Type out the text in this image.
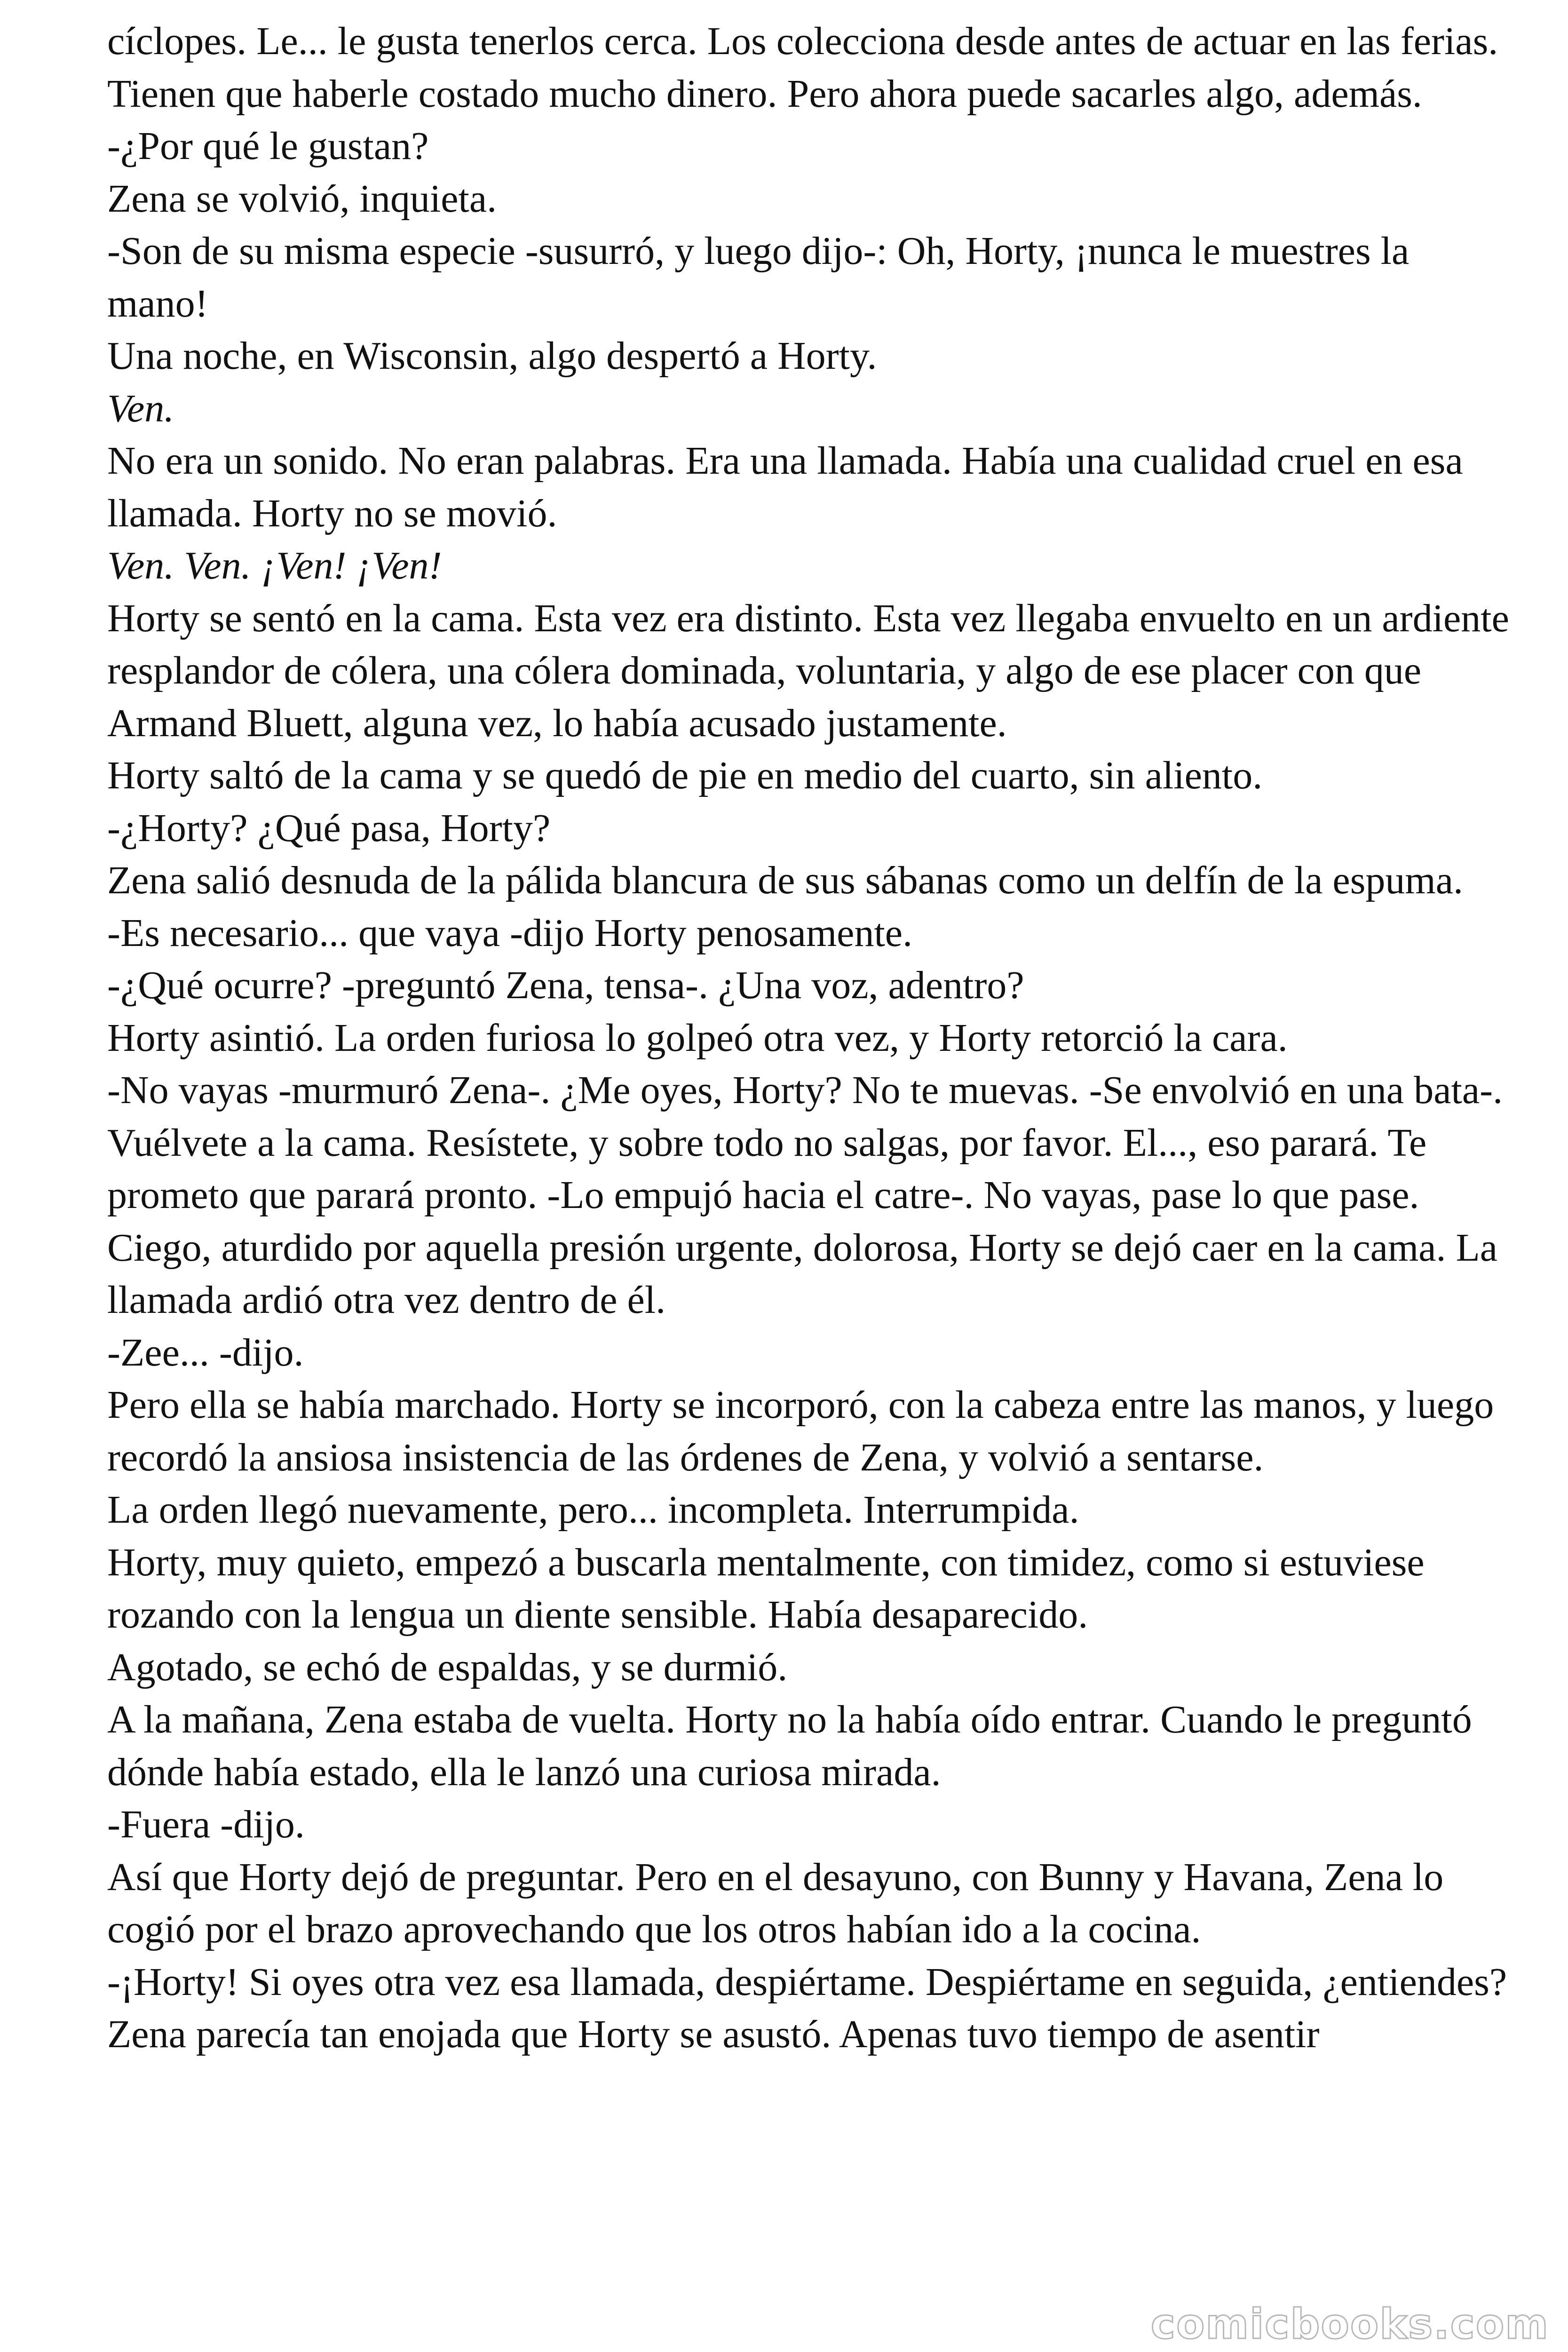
cíclopes. Le... le gusta tenerlos cerca. Los colecciona desde antes de actuar en las ferias. Tienen que haberle costado mucho dinero. Pero ahora puede sacarles algo, además.

-¿Por qué le gustan?

Zena se volvió, inquieta.

-Son de su misma especie -susurró, y luego dijo-: Oh, Horty, ¡nunca le muestres la mano!

Una noche, en Wisconsin, algo despertó a Horty.

Ven.

No era un sonido. No eran palabras. Era una llamada. Había una cualidad cruel en esa llamada. Horty no se movió.

Ven. Ven. ¡Ven! ¡Ven!

Horty se sentó en la cama. Esta vez era distinto. Esta vez llegaba envuelto en un ardiente resplandor de cólera, una cólera dominada, voluntaria, y algo de ese placer con que Armand Bluett, alguna vez, lo había acusado justamente.

Horty saltó de la cama y se quedó de pie en medio del cuarto, sin aliento.

-¿Horty? ¿Qué pasa, Horty?

Zena salió desnuda de la pálida blancura de sus sábanas como un delfín de la espuma.

-Es necesario... que vaya -dijo Horty penosamente.

-¿Qué ocurre? -preguntó Zena, tensa-. ¿Una voz, adentro?

Horty asintió. La orden furiosa lo golpeó otra vez, y Horty retorció la cara.

-No vayas -murmuró Zena-. ¿Me oyes, Horty? No te muevas. -Se envolvió en una bata-. Vuélvete a la cama. Resístete, y sobre todo no salgas, por favor. El..., eso parará. Te prometo que parará pronto. -Lo empujó hacia el catre-. No vayas, pase lo que pase.

Ciego, aturdido por aquella presión urgente, dolorosa, Horty se dejó caer en la cama. La llamada ardió otra vez dentro de él.

-Zee... -dijo.

Pero ella se había marchado. Horty se incorporó, con la cabeza entre las manos, y luego recordó la ansiosa insistencia de las órdenes de Zena, y volvió a sentarse.

La orden llegó nuevamente, pero... incompleta. Interrumpida.

Horty, muy quieto, empezó a buscarla mentalmente, con timidez, como si estuviese rozando con la lengua un diente sensible. Había desaparecido.

Agotado, se echó de espaldas, y se durmió.

A la mañana, Zena estaba de vuelta. Horty no la había oído entrar. Cuando le preguntó dónde había estado, ella le lanzó una curiosa mirada.

-Fuera -dijo.

Así que Horty dejó de preguntar. Pero en el desayuno, con Bunny y Havana, Zena lo cogió por el brazo aprovechando que los otros habían ido a la cocina.

-¡Horty! Si oyes otra vez esa llamada, despiértame. Despiértame en seguida, ¿entiendes?

Zena parecía tan enojada que Horty se asustó. Apenas tuvo tiempo de asentir

comicbooks.com
